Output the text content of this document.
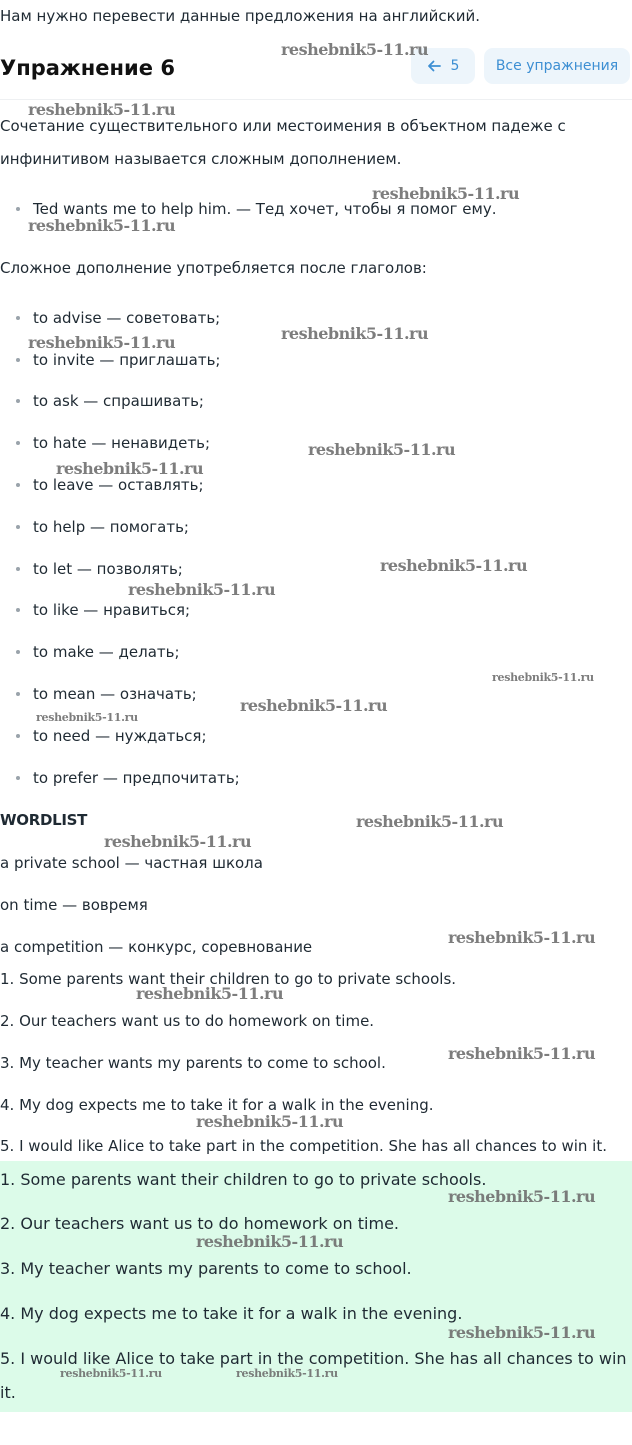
Нам нужно перевести данные предложения на английский.
Упражнение 6	5	Все упражнения
Сочетание существительного или местоимения в объектном падеже с
инфинитивом называется сложным дополнением.
Ted wants me to help him. — Тед хочет, чтобы я помог ему.
Сложное дополнение употребляется после глаголов:
to advise — советовать;
to invite — приглашать;
to ask — спрашивать;
to hate — ненавидеть;
to leave — оставлять;
to help — помогать;
to let — позволять;
to like — нравиться;
to make — делать;
to mean — означать;
to need — нуждаться;
to prefer — предпочитать;
WORDLIST
a private school — частная школа
on time — вовремя
a competition — конкурс, соревнование
1. Some parents want their children to go to private schools.
2. Our teachers want us to do homework on time.
3. My teacher wants my parents to come to school.
4. My dog expects me to take it for a walk in the evening.
5. I would like Alice to take part in the competition. She has all chances to win it.
1. Some parents want their children to go to private schools.
2. Our teachers want us to do homework on time.
3. My teacher wants my parents to come to school.
4. My dog expects me to take it for a walk in the evening.
5. I would like Alice to take part in the competition. She has all chances to win it.
reshebnik5-11.ru
reshebnik5-11.ru
reshebnik5-11.ru
reshebnik5-11.ru
reshebnik5-11.ru
reshebnik5-11.ru
reshebnik5-11.ru
reshebnik5-11.ru
reshebnik5-11.ru
reshebnik5-11.ru
reshebnik5-11.ru
reshebnik5-11.ru
reshebnik5-11.ru
reshebnik5-11.ru
reshebnik5-11.ru
reshebnik5-11.ru
reshebnik5-11.ru
reshebnik5-11.ru
reshebnik5-11.ru
reshebnik5-11.ru
reshebnik5-11.ru
reshebnik5-11.ru
reshebnik5-11.ru	reshebnik5-11.ru
